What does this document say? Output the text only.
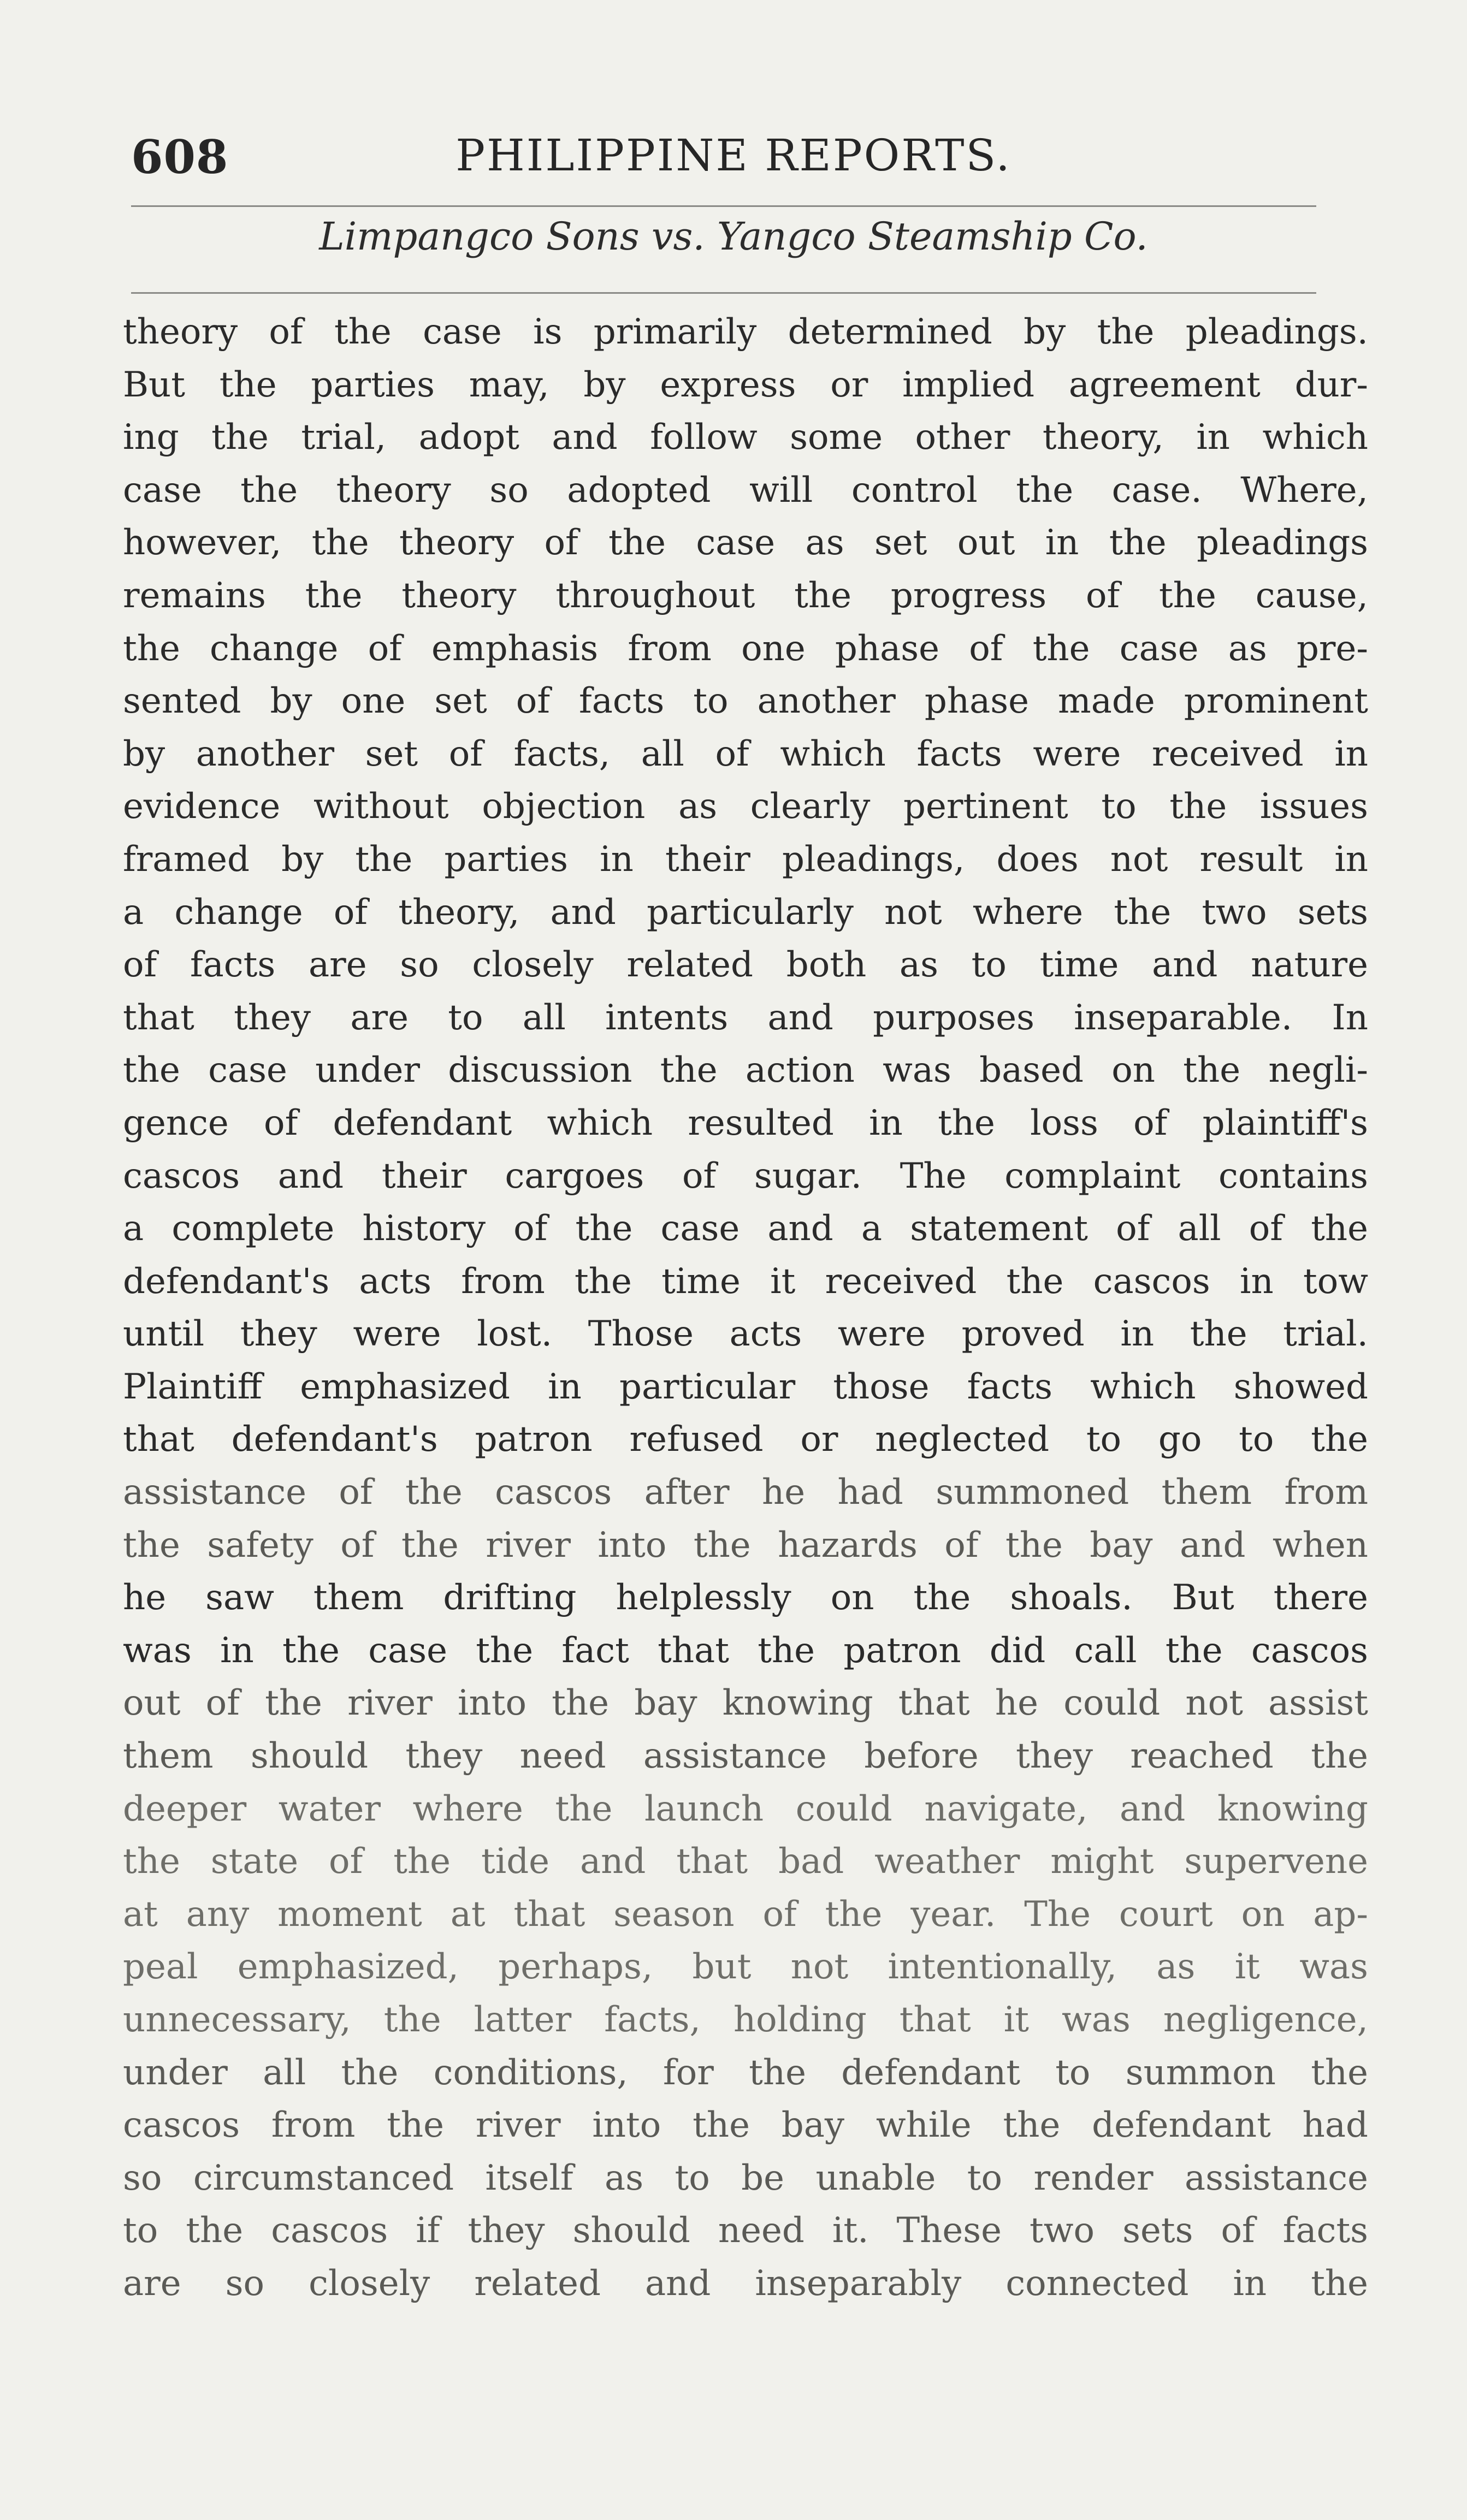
608	PHILIPPINE REPORTS.
Limpangco Sons vs. Yangco Steamship Co.
theory of the case is primarily determined by the pleadings.
But the parties may, by express or implied agreement dur-
ing the trial, adopt and follow some other theory, in which
case the theory so adopted will control the case. Where,
however, the theory of the case as set out in the pleadings
remains the theory throughout the progress of the cause,
the change of emphasis from one phase of the case as pre-
sented by one set of facts to another phase made prominent
by another set of facts, all of which facts were received in
evidence without objection as clearly pertinent to the issues
framed by the parties in their pleadings, does not result in
a change of theory, and particularly not where the two sets
of facts are so closely related both as to time and nature
that they are to all intents and purposes inseparable. In
the case under discussion the action was based on the negli-
gence of defendant which resulted in the loss of plaintiff's
cascos and their cargoes of sugar. The complaint contains
a complete history of the case and a statement of all of the
defendant's acts from the time it received the cascos in tow
until they were lost. Those acts were proved in the trial.
Plaintiff emphasized in particular those facts which showed
that defendant's patron refused or neglected to go to the
assistance of the cascos after he had summoned them from
the safety of the river into the hazards of the bay and when
he saw them drifting helplessly on the shoals. But there
was in the case the fact that the patron did call the cascos
out of the river into the bay knowing that he could not assist
them should they need assistance before they reached the
deeper water where the launch could navigate, and knowing
the state of the tide and that bad weather might supervene
at any moment at that season of the year. The court on ap-
peal emphasized, perhaps, but not intentionally, as it was
unnecessary, the latter facts, holding that it was negligence,
under all the conditions, for the defendant to summon the
cascos from the river into the bay while the defendant had
so circumstanced itself as to be unable to render assistance
to the cascos if they should need it. These two sets of facts
are so closely related and inseparably connected in the
